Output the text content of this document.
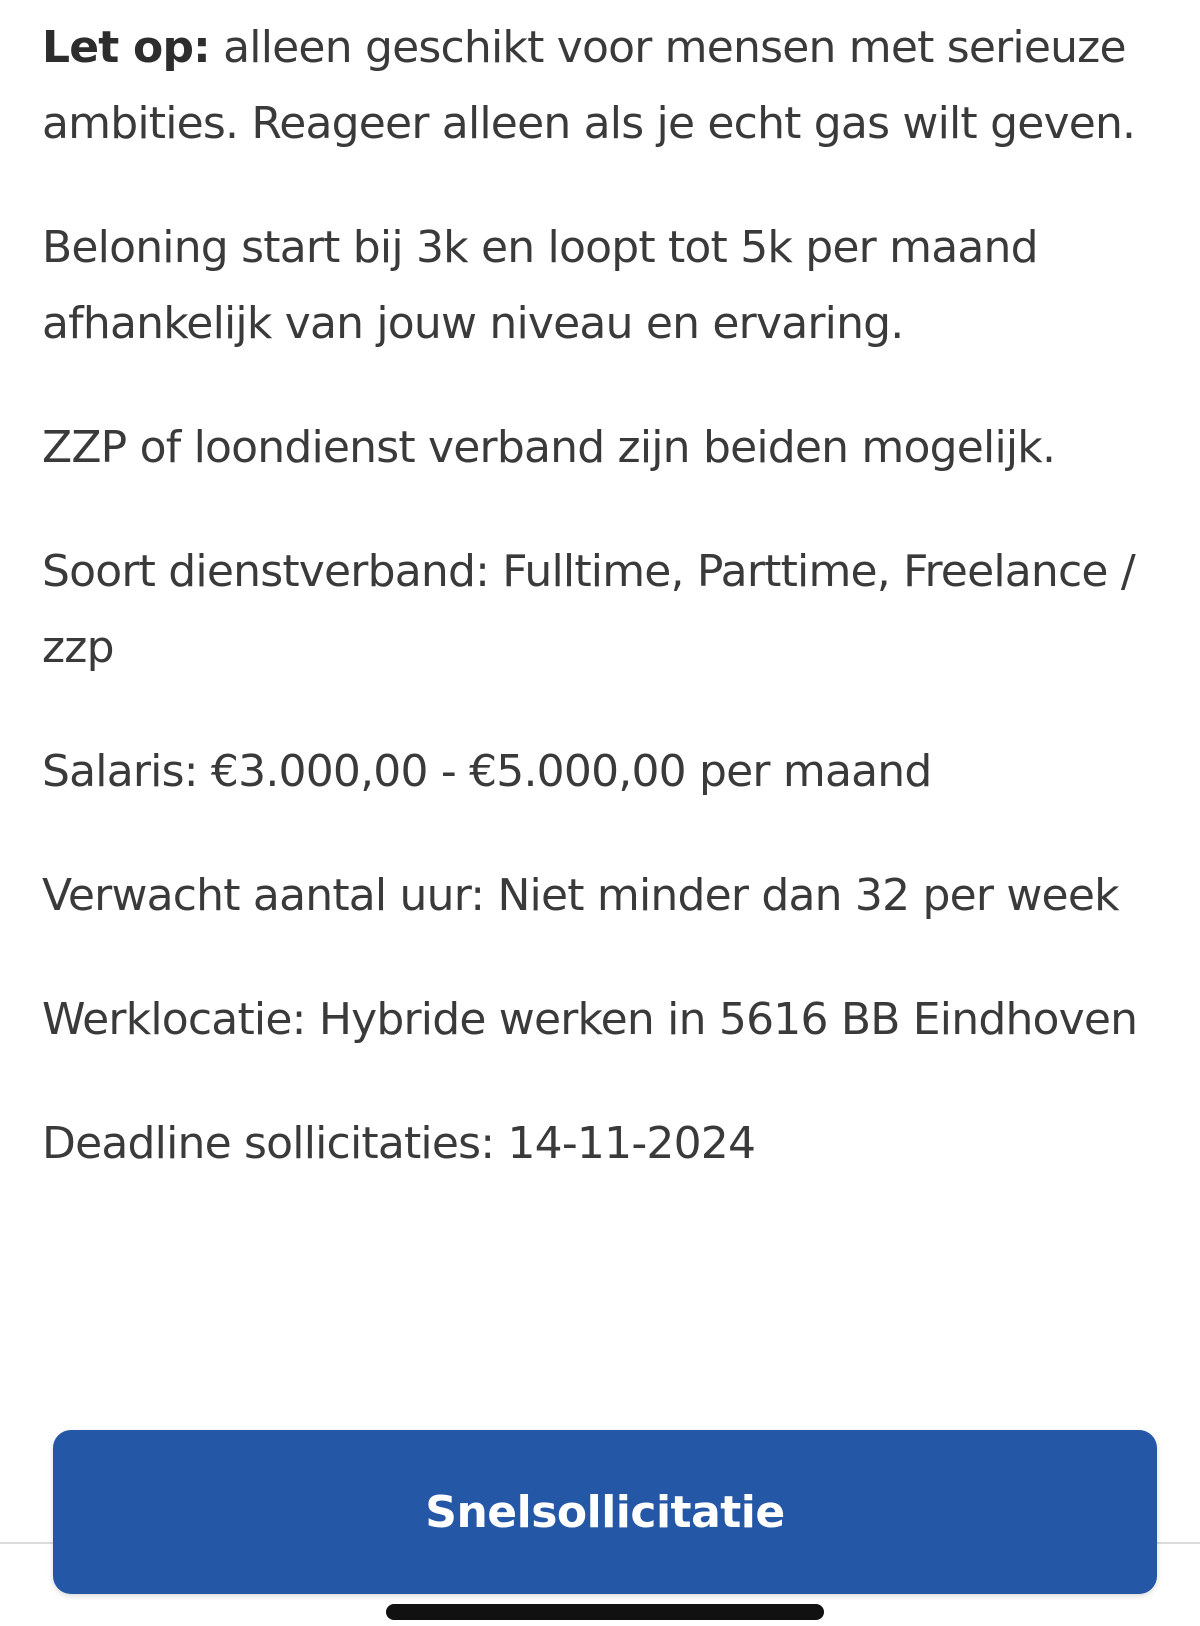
Let op: alleen geschikt voor mensen met serieuze ambities. Reageer alleen als je echt gas wilt geven.

Beloning start bij 3k en loopt tot 5k per maand afhankelijk van jouw niveau en ervaring.

ZZP of loondienst verband zijn beiden mogelijk.

Soort dienstverband: Fulltime, Parttime, Freelance / zzp

Salaris: €3.000,00 - €5.000,00 per maand

Verwacht aantal uur: Niet minder dan 32 per week

Werklocatie: Hybride werken in 5616 BB Eindhoven

Deadline sollicitaties: 14-11-2024

Snelsollicitatie
